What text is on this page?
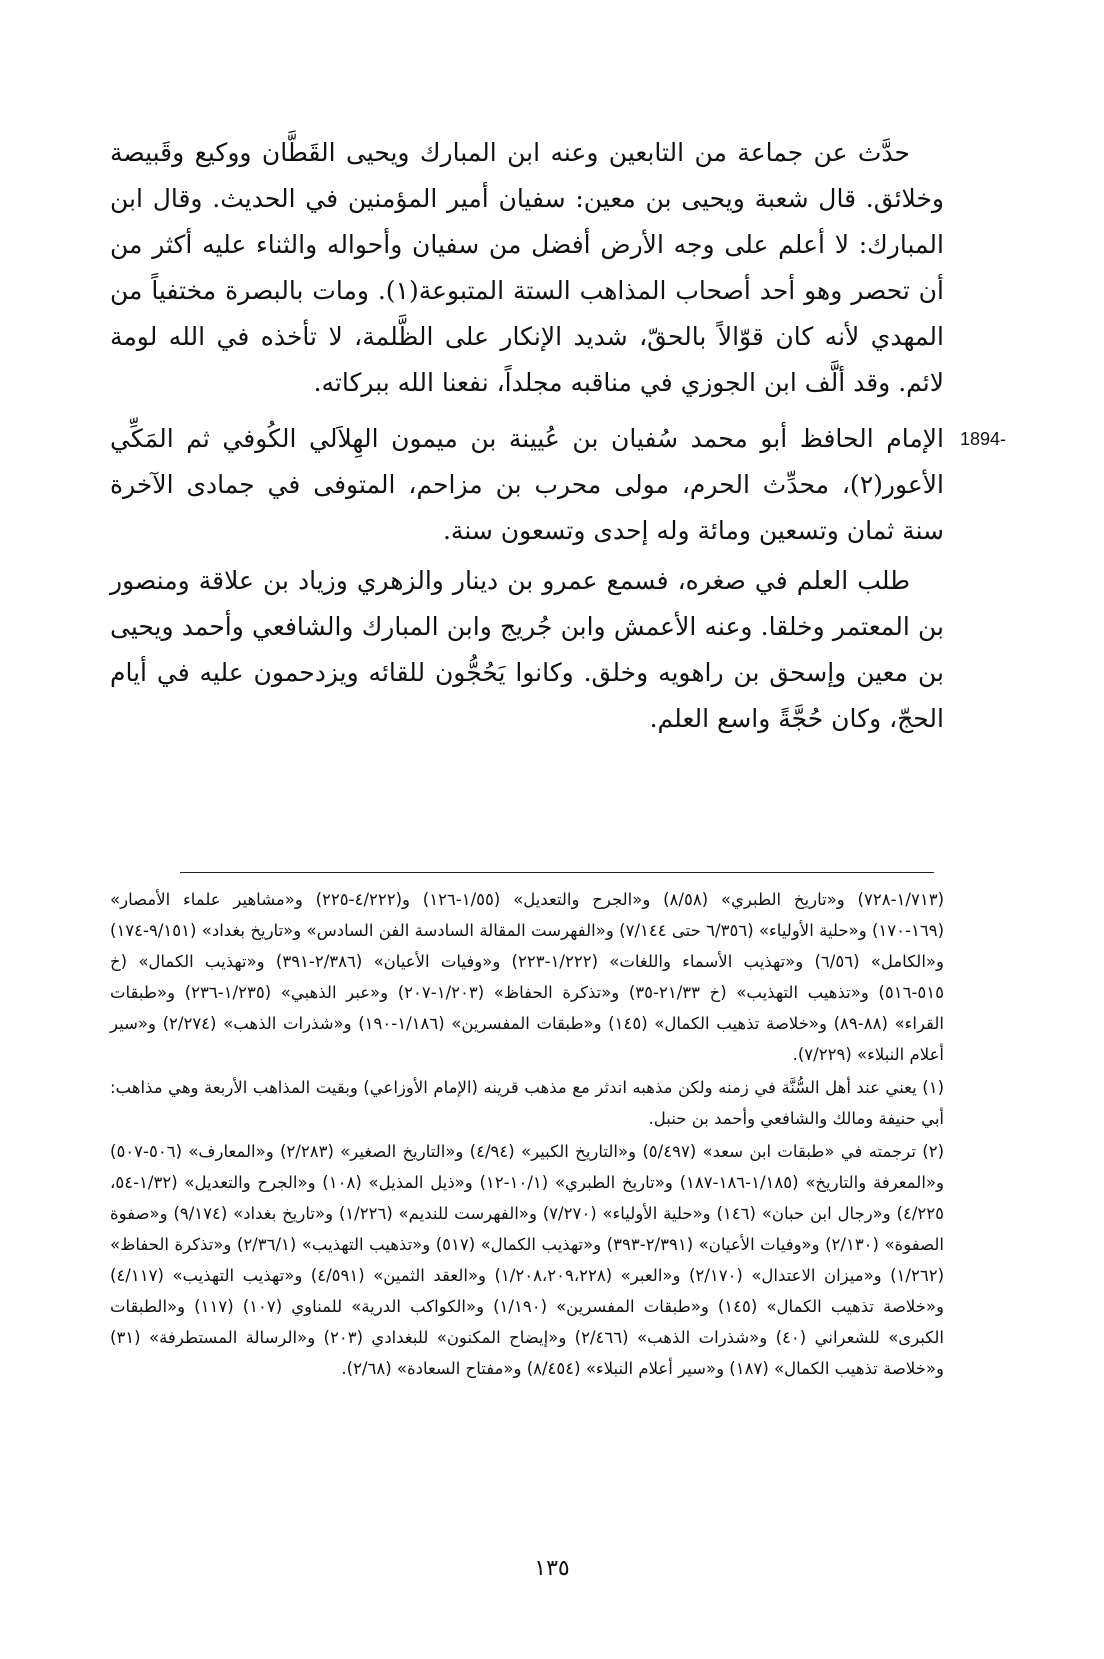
حدَّث عن جماعة من التابعين وعنه ابن المبارك ويحيى القَطَّان ووكيع وقَبيصة وخلائق. قال شعبة ويحيى بن معين: سفيان أمير المؤمنين في الحديث. وقال ابن المبارك: لا أعلم على وجه الأرض أفضل من سفيان وأحواله والثناء عليه أكثر من أن تحصر وهو أحد أصحاب المذاهب الستة المتبوعة(١). ومات بالبصرة مختفياً من المهدي لأنه كان قوّالاً بالحقّ، شديد الإنكار على الظَّلمة، لا تأخذه في الله لومة لائم. وقد ألَّف ابن الجوزي في مناقبه مجلداً، نفعنا الله ببركاته.

1894-
الإمام الحافظ أبو محمد سُفيان بن عُيينة بن ميمون الهِلاَلي الكُوفي ثم المَكِّي الأعور(٢)، محدِّث الحرم، مولى محرب بن مزاحم، المتوفى في جمادى الآخرة سنة ثمان وتسعين ومائة وله إحدى وتسعون سنة.

طلب العلم في صغره، فسمع عمرو بن دينار والزهري وزياد بن علاقة ومنصور بن المعتمر وخلقا. وعنه الأعمش وابن جُريج وابن المبارك والشافعي وأحمد ويحيى بن معين وإسحق بن راهويه وخلق. وكانوا يَحُجُّون للقائه ويزدحمون عليه في أيام الحجّ، وكان حُجَّةً واسع العلم.

(١/٧١٣-٧٢٨) و«تاريخ الطبري» (٨/٥٨) و«الجرح والتعديل» (١/٥٥-١٢٦) و(٤/٢٢٢-٢٢٥) و«مشاهير علماء الأمصار» (١٦٩-١٧٠) و«حلية الأولياء» (٦/٣٥٦ حتى ٧/١٤٤) و«الفهرست المقالة السادسة الفن السادس» و«تاريخ بغداد» (٩/١٥١-١٧٤) و«الكامل» (٦/٥٦) و«تهذيب الأسماء واللغات» (١/٢٢٢-٢٢٣) و«وفيات الأعيان» (٢/٣٨٦-٣٩١) و«تهذيب الكمال» (خ ٥١٥-٥١٦) و«تذهيب التهذيب» (خ ٢١/٣٣-٣٥) و«تذكرة الحفاظ» (١/٢٠٣-٢٠٧) و«عبر الذهبي» (١/٢٣٥-٢٣٦) و«طبقات القراء» (٨٨-٨٩) و«خلاصة تذهيب الكمال» (١٤٥) و«طبقات المفسرين» (١/١٨٦-١٩٠) و«شذرات الذهب» (٢/٢٧٤) و«سير أعلام النبلاء» (٧/٢٢٩).

(١) يعني عند أهل السُّنَّة في زمنه ولكن مذهبه اندثر مع مذهب قرينه (الإمام الأوزاعي) وبقيت المذاهب الأربعة وهي مذاهب: أبي حنيفة ومالك والشافعي وأحمد بن حنبل.

(٢) ترجمته في «طبقات ابن سعد» (٥/٤٩٧) و«التاريخ الكبير» (٤/٩٤) و«التاريخ الصغير» (٢/٢٨٣) و«المعارف» (٥٠٦-٥٠٧) و«المعرفة والتاريخ» (١/١٨٥-١٨٦-١٨٧) و«تاريخ الطبري» (١٠/١-١٢) و«ذيل المذيل» (١٠٨) و«الجرح والتعديل» (١/٣٢-٥٤، ٤/٢٢٥) و«رجال ابن حبان» (١٤٦) و«حلية الأولياء» (٧/٢٧٠) و«الفهرست للنديم» (١/٢٢٦) و«تاريخ بغداد» (٩/١٧٤) و«صفوة الصفوة» (٢/١٣٠) و«وفيات الأعيان» (٢/٣٩١-٣٩٣) و«تهذيب الكمال» (٥١٧) و«تذهيب التهذيب» (٢/٣٦/١) و«تذكرة الحفاظ» (١/٢٦٢) و«ميزان الاعتدال» (٢/١٧٠) و«العبر» (١/٢٠٨،٢٠٩،٢٢٨) و«العقد الثمين» (٤/٥٩١) و«تهذيب التهذيب» (٤/١١٧) و«خلاصة تذهيب الكمال» (١٤٥) و«طبقات المفسرين» (١/١٩٠) و«الكواكب الدرية» للمناوي (١٠٧) (١١٧) و«الطبقات الكبرى» للشعراني (٤٠) و«شذرات الذهب» (٢/٤٦٦) و«إيضاح المكنون» للبغدادي (٢٠٣) و«الرسالة المستطرفة» (٣١) و«خلاصة تذهيب الكمال» (١٨٧) و«سير أعلام النبلاء» (٨/٤٥٤) و«مفتاح السعادة» (٢/٦٨).

١٣٥
